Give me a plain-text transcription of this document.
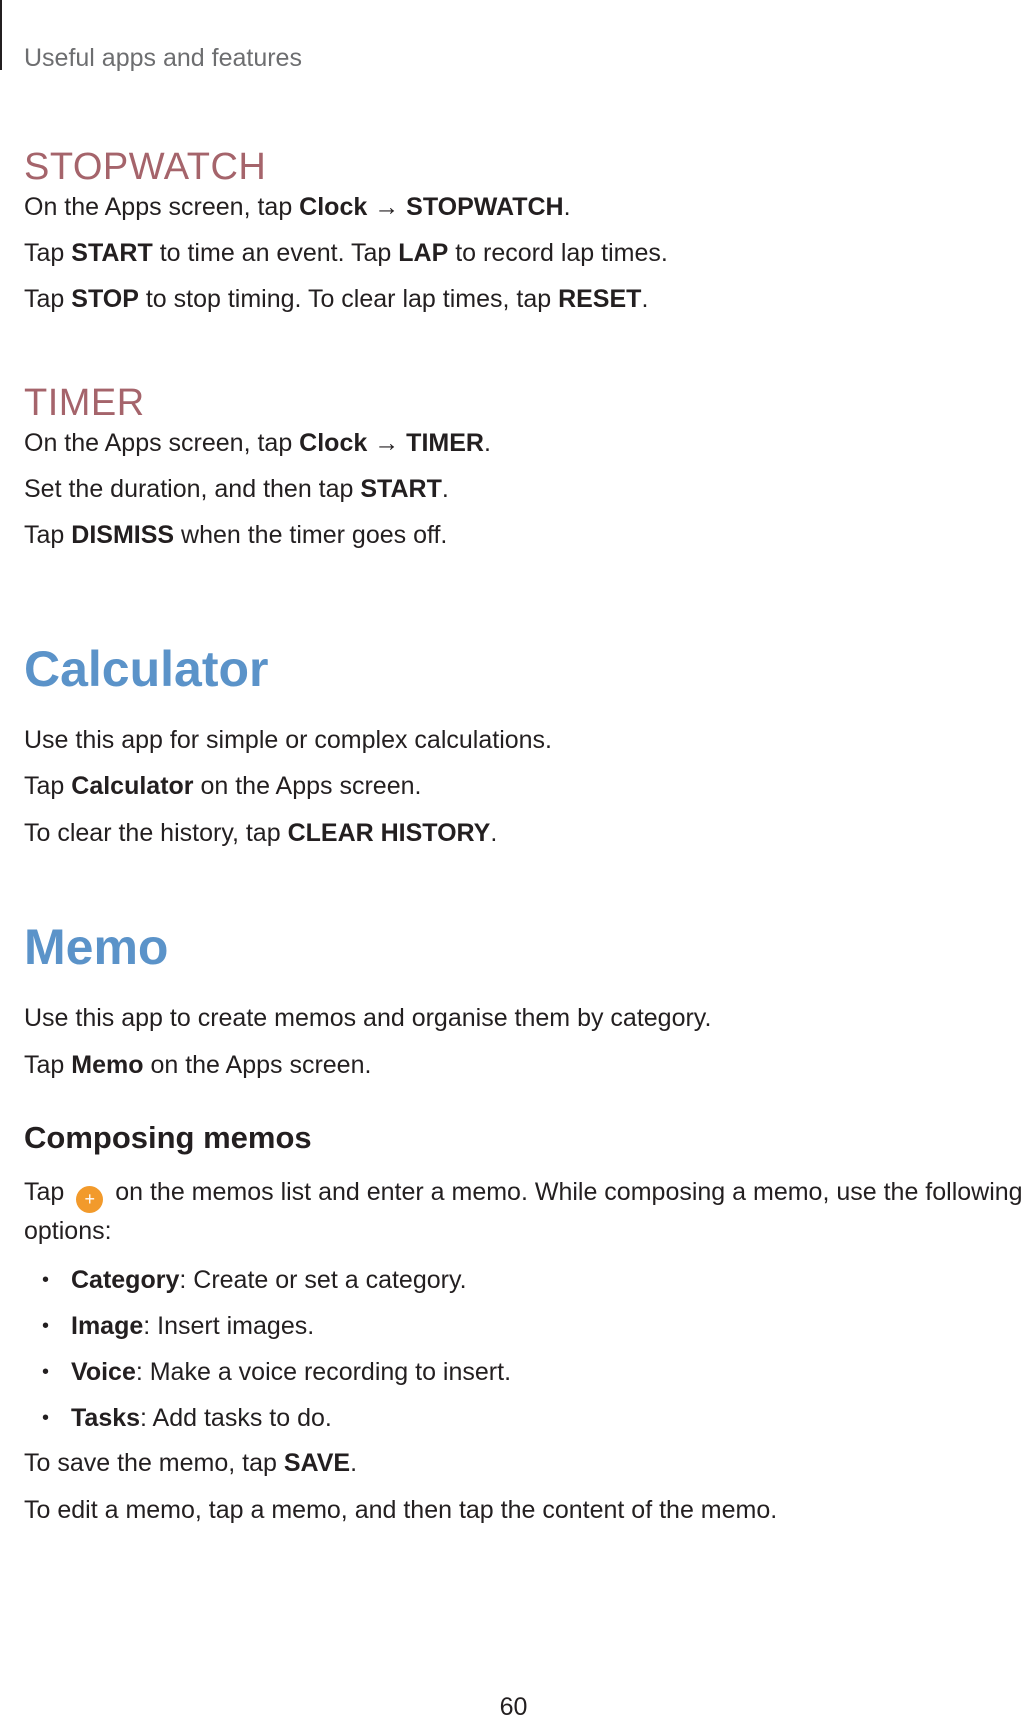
Useful apps and features
STOPWATCH
On the Apps screen, tap Clock → STOPWATCH.
Tap START to time an event. Tap LAP to record lap times.
Tap STOP to stop timing. To clear lap times, tap RESET.
TIMER
On the Apps screen, tap Clock → TIMER.
Set the duration, and then tap START.
Tap DISMISS when the timer goes off.
Calculator
Use this app for simple or complex calculations.
Tap Calculator on the Apps screen.
To clear the history, tap CLEAR HISTORY.
Memo
Use this app to create memos and organise them by category.
Tap Memo on the Apps screen.
Composing memos
Tap + on the memos list and enter a memo. While composing a memo, use the following
options:
• Category: Create or set a category.
• Image: Insert images.
• Voice: Make a voice recording to insert.
• Tasks: Add tasks to do.
To save the memo, tap SAVE.
To edit a memo, tap a memo, and then tap the content of the memo.
60
